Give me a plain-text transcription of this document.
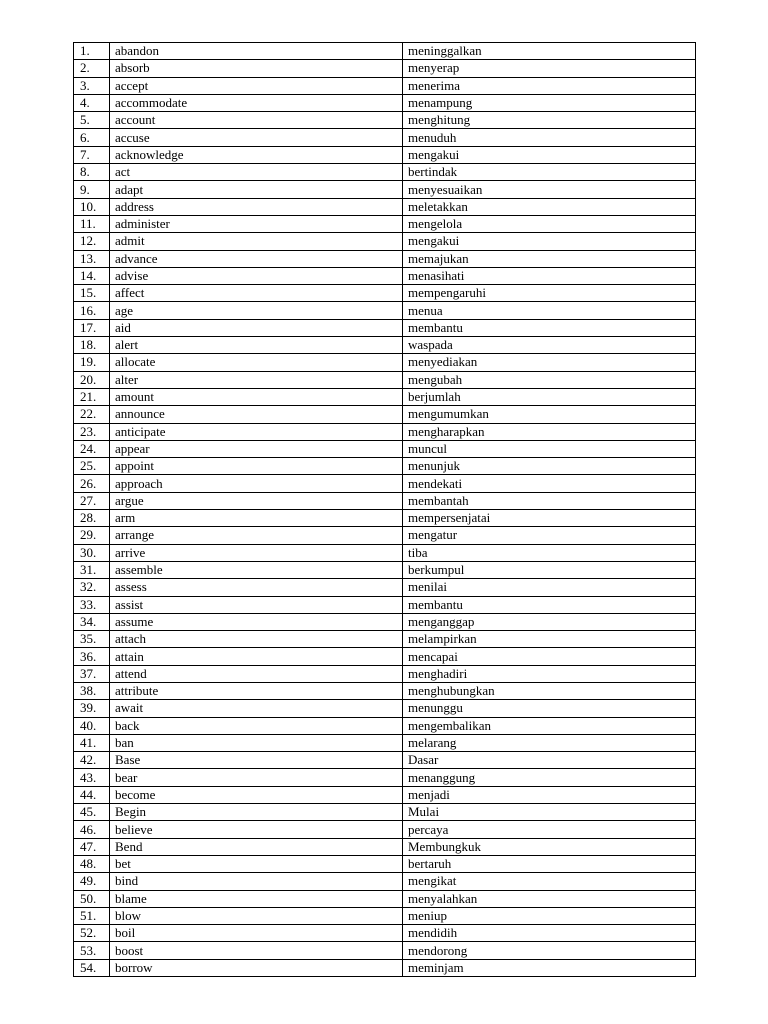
1.	abandon	meninggalkan
2.	absorb	menyerap
3.	accept	menerima
4.	accommodate	menampung
5.	account	menghitung
6.	accuse	menuduh
7.	acknowledge	mengakui
8.	act	bertindak
9.	adapt	menyesuaikan
10.	address	meletakkan
11.	administer	mengelola
12.	admit	mengakui
13.	advance	memajukan
14.	advise	menasihati
15.	affect	mempengaruhi
16.	age	menua
17.	aid	membantu
18.	alert	waspada
19.	allocate	menyediakan
20.	alter	mengubah
21.	amount	berjumlah
22.	announce	mengumumkan
23.	anticipate	mengharapkan
24.	appear	muncul
25.	appoint	menunjuk
26.	approach	mendekati
27.	argue	membantah
28.	arm	mempersenjatai
29.	arrange	mengatur
30.	arrive	tiba
31.	assemble	berkumpul
32.	assess	menilai
33.	assist	membantu
34.	assume	menganggap
35.	attach	melampirkan
36.	attain	mencapai
37.	attend	menghadiri
38.	attribute	menghubungkan
39.	await	menunggu
40.	back	mengembalikan
41.	ban	melarang
42.	Base	Dasar
43.	bear	menanggung
44.	become	menjadi
45.	Begin	Mulai
46.	believe	percaya
47.	Bend	Membungkuk
48.	bet	bertaruh
49.	bind	mengikat
50.	blame	menyalahkan
51.	blow	meniup
52.	boil	mendidih
53.	boost	mendorong
54.	borrow	meminjam
